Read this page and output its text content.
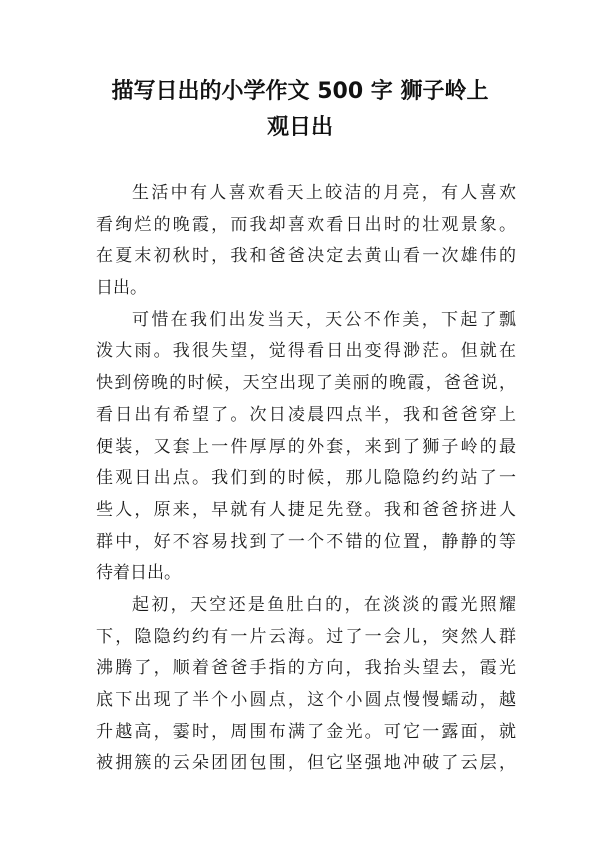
描写日出的小学作文 500 字 狮子岭上
观日出
生活中有人喜欢看天上皎洁的月亮，有人喜欢
看绚烂的晚霞，而我却喜欢看日出时的壮观景象。
在夏末初秋时，我和爸爸决定去黄山看一次雄伟的
日出。
可惜在我们出发当天，天公不作美，下起了瓢
泼大雨。我很失望，觉得看日出变得渺茫。但就在
快到傍晚的时候，天空出现了美丽的晚霞，爸爸说，
看日出有希望了。次日凌晨四点半，我和爸爸穿上
便装，又套上一件厚厚的外套，来到了狮子岭的最
佳观日出点。我们到的时候，那儿隐隐约约站了一
些人，原来，早就有人捷足先登。我和爸爸挤进人
群中，好不容易找到了一个不错的位置，静静的等
待着日出。
起初，天空还是鱼肚白的，在淡淡的霞光照耀
下，隐隐约约有一片云海。过了一会儿，突然人群
沸腾了，顺着爸爸手指的方向，我抬头望去，霞光
底下出现了半个小圆点，这个小圆点慢慢蠕动，越
升越高，霎时，周围布满了金光。可它一露面，就
被拥簇的云朵团团包围，但它坚强地冲破了云层，
